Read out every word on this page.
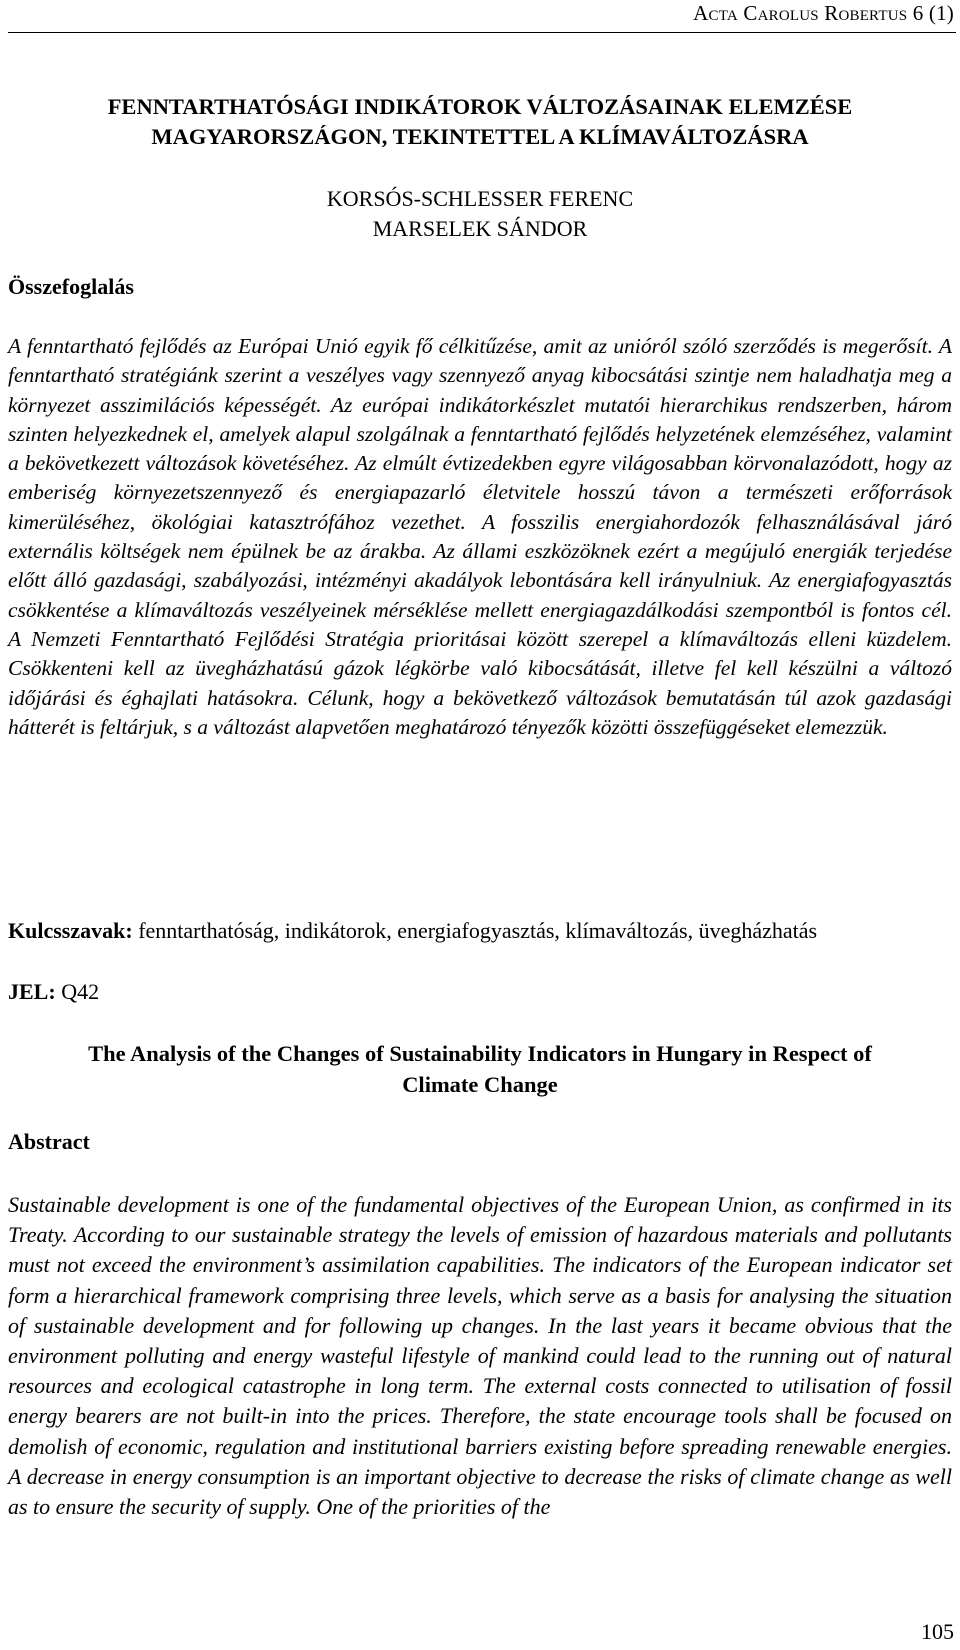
Acta Carolus Robertus 6 (1)
FENNTARTHATÓSÁGI INDIKÁTOROK VÁLTOZÁSAINAK ELEMZÉSE
MAGYARORSZÁGON, TEKINTETTEL A KLÍMAVÁLTOZÁSRA
KORSÓS-SCHLESSER FERENC
MARSELEK SÁNDOR
Összefoglalás
A fenntartható fejlődés az Európai Unió egyik fő célkitűzése, amit az unióról szóló szerződés is megerősít. A fenntartható stratégiánk szerint a veszélyes vagy szennyező anyag kibocsátási szintje nem haladhatja meg a környezet asszimilációs képességét. Az európai indikátorkészlet mutatói hierarchikus rendszerben, három szinten helyezkednek el, amelyek alapul szolgálnak a fenntartható fejlődés helyzetének elemzéséhez, valamint a bekövetkezett változások követéséhez. Az elmúlt évtizedekben egyre világosabban körvonalazódott, hogy az emberiség környezetszennyező és energiapazarló életvitele hosszú távon a természeti erőforrások kimerüléséhez, ökológiai katasztrófához vezethet. A fosszilis energiahordozók felhasználásával járó externális költségek nem épülnek be az árakba. Az állami eszközöknek ezért a megújuló energiák terjedése előtt álló gazdasági, szabályozási, intézményi akadályok lebontására kell irányulniuk. Az energiafogyasztás csökkentése a klímaváltozás veszélyeinek mérséklése mellett energiagazdálkodási szempontból is fontos cél. A Nemzeti Fenntartható Fejlődési Stratégia prioritásai között szerepel a klímaváltozás elleni küzdelem. Csökkenteni kell az üvegházhatású gázok légkörbe való kibocsátását, illetve fel kell készülni a változó időjárási és éghajlati hatásokra. Célunk, hogy a bekövetkező változások bemutatásán túl azok gazdasági hátterét is feltárjuk, s a változást alapvetően meghatározó tényezők közötti összefüggéseket elemezzük.
Kulcsszavak: fenntarthatóság, indikátorok, energiafogyasztás, klímaváltozás, üvegházhatás
JEL: Q42
The Analysis of the Changes of Sustainability Indicators in Hungary in Respect of
Climate Change
Abstract
Sustainable development is one of the fundamental objectives of the European Union, as confirmed in its Treaty. According to our sustainable strategy the levels of emission of hazardous materials and pollutants must not exceed the environment’s assimilation capabilities. The indicators of the European indicator set form a hierarchical framework comprising three levels, which serve as a basis for analysing the situation of sustainable development and for following up changes. In the last years it became obvious that the environment polluting and energy wasteful lifestyle of mankind could lead to the running out of natural resources and ecological catastrophe in long term. The external costs connected to utilisation of fossil energy bearers are not built-in into the prices. Therefore, the state encourage tools shall be focused on demolish of economic, regulation and institutional barriers existing before spreading renewable energies. A decrease in energy consumption is an important objective to decrease the risks of climate change as well as to ensure the security of supply. One of the priorities of the
105
